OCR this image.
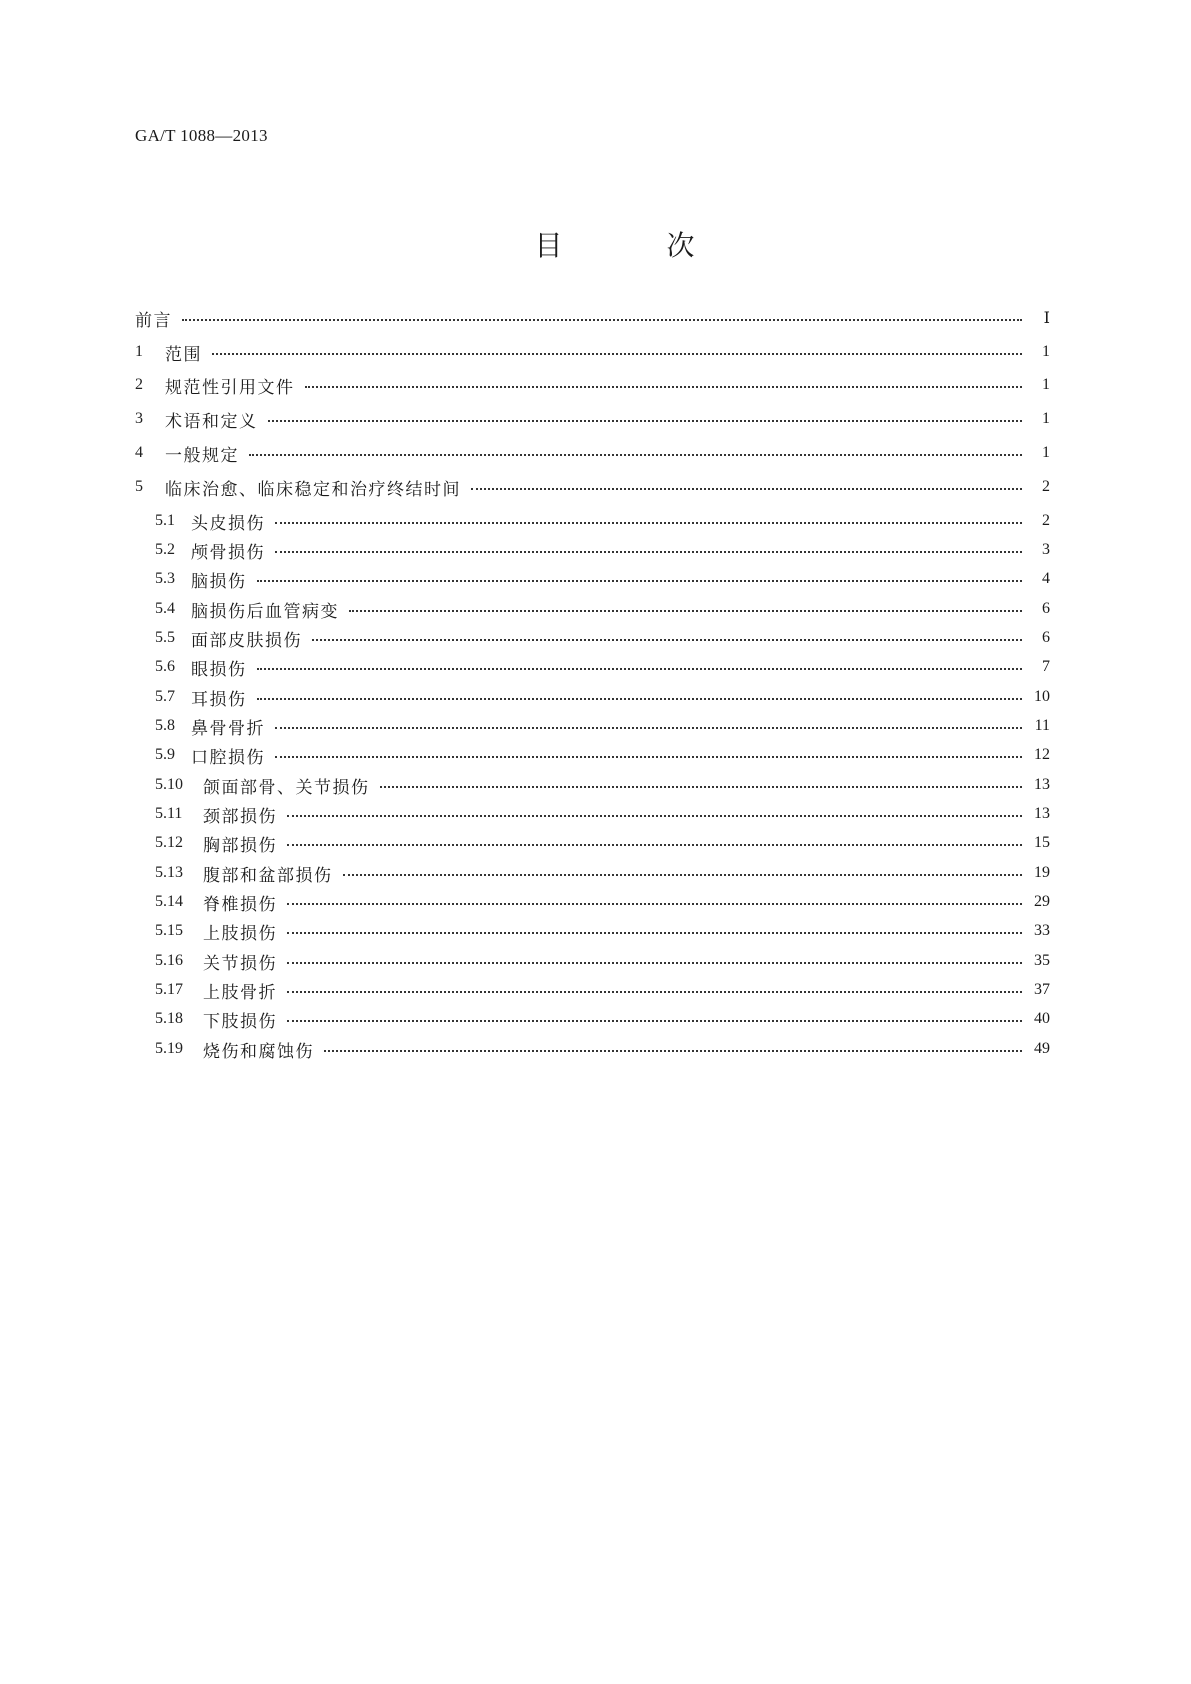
GA/T 1088—2013
目　次
前言	Ⅰ
1	范围	1
2	规范性引用文件	1
3	术语和定义	1
4	一般规定	1
5	临床治愈、临床稳定和治疗终结时间	2
5.1 头皮损伤	2
5.2 颅骨损伤	3
5.3 脑损伤	4
5.4 脑损伤后血管病变	6
5.5 面部皮肤损伤	6
5.6 眼损伤	7
5.7 耳损伤	10
5.8 鼻骨骨折	11
5.9 口腔损伤	12
5.10	颌面部骨、关节损伤	13
5.11	颈部损伤	13
5.12	胸部损伤	15
5.13	腹部和盆部损伤	19
5.14	脊椎损伤	29
5.15	上肢损伤	33
5.16	关节损伤	35
5.17	上肢骨折	37
5.18	下肢损伤	40
5.19	烧伤和腐蚀伤	49
